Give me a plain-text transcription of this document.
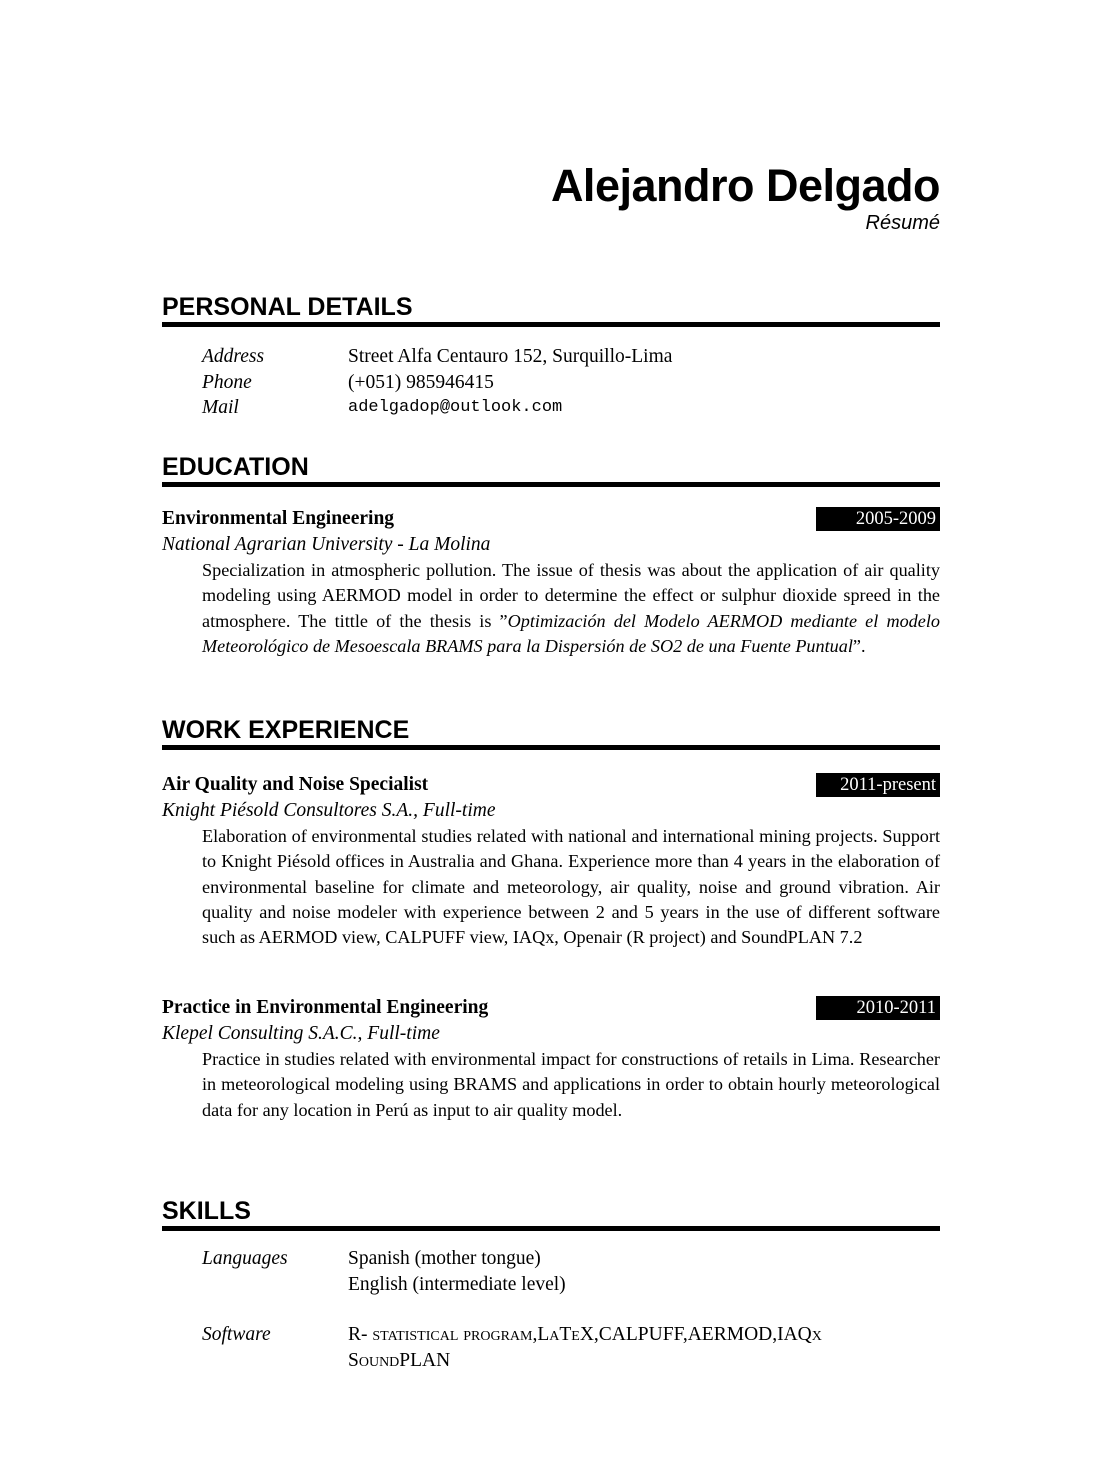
Alejandro Delgado
Résumé
PERSONAL DETAILS
Address	Street Alfa Centauro 152, Surquillo-Lima
Phone	(+051) 985946415
Mail	adelgadop@outlook.com
EDUCATION
Environmental Engineering	2005-2009
National Agrarian University - La Molina
Specialization in atmospheric pollution. The issue of thesis was about the application of air quality modeling using AERMOD model in order to determine the effect or sulphur dioxide spreed in the atmosphere. The tittle of the thesis is ”Optimización del Modelo AERMOD mediante el modelo Meteorológico de Mesoescala BRAMS para la Dispersión de SO2 de una Fuente Puntual”.
WORK EXPERIENCE
Air Quality and Noise Specialist	2011-present
Knight Piésold Consultores S.A., Full-time
Elaboration of environmental studies related with national and international mining projects. Support to Knight Piésold offices in Australia and Ghana. Experience more than 4 years in the elaboration of environmental baseline for climate and meteorology, air quality, noise and ground vibration. Air quality and noise modeler with experience between 2 and 5 years in the use of different software such as AERMOD view, CALPUFF view, IAQx, Openair (R project) and SoundPLAN 7.2
Practice in Environmental Engineering	2010-2011
Klepel Consulting S.A.C., Full-time
Practice in studies related with environmental impact for constructions of retails in Lima. Researcher in meteorological modeling using BRAMS and applications in order to obtain hourly meteorological data for any location in Perú as input to air quality model.
SKILLS
Languages	Spanish (mother tongue)
English (intermediate level)
Software	R- statistical program,LaTeX,CALPUFF,AERMOD,IAQx
SoundPLAN
